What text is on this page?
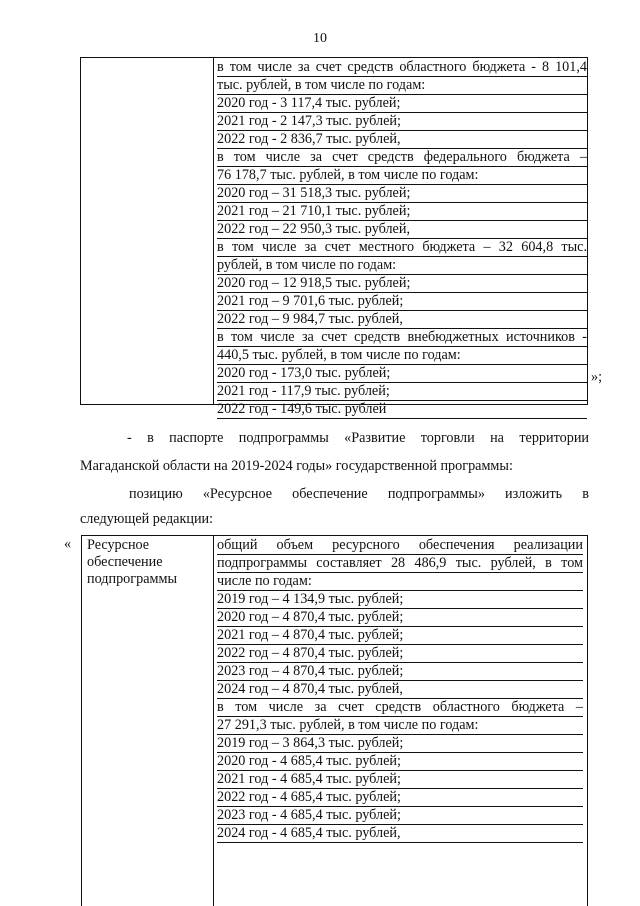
10
в том числе за счет средств областного бюджета - 8 101,4
тыс. рублей, в том числе по годам:
2020 год - 3 117,4 тыс. рублей;
2021 год - 2 147,3 тыс. рублей;
2022 год - 2 836,7 тыс. рублей,
в том числе за счет средств федерального бюджета –
76 178,7 тыс. рублей, в том числе по годам:
2020 год – 31 518,3 тыс. рублей;
2021 год – 21 710,1 тыс. рублей;
2022 год – 22 950,3 тыс. рублей,
в том числе за счет местного бюджета – 32 604,8 тыс.
рублей, в том числе по годам:
2020 год – 12 918,5 тыс. рублей;
2021 год – 9 701,6 тыс. рублей;
2022 год – 9 984,7 тыс. рублей,
в том числе за счет средств внебюджетных источников -
440,5 тыс. рублей, в том числе по годам:
2020 год - 173,0 тыс. рублей;
2021 год - 117,9 тыс. рублей;
2022 год - 149,6 тыс. рублей
»;
- в паспорте подпрограммы «Развитие торговли на территории
Магаданской области на 2019-2024 годы» государственной программы:
позицию «Ресурсное обеспечение подпрограммы» изложить в
следующей редакции:
« Ресурсное
обеспечение
подпрограммы
общий объем ресурсного обеспечения реализации
подпрограммы составляет 28 486,9 тыс. рублей, в том
числе по годам:
2019 год – 4 134,9 тыс. рублей;
2020 год – 4 870,4 тыс. рублей;
2021 год – 4 870,4 тыс. рублей;
2022 год – 4 870,4 тыс. рублей;
2023 год – 4 870,4 тыс. рублей;
2024 год – 4 870,4 тыс. рублей,
в том числе за счет средств областного бюджета –
27 291,3 тыс. рублей, в том числе по годам:
2019 год – 3 864,3 тыс. рублей;
2020 год - 4 685,4 тыс. рублей;
2021 год - 4 685,4 тыс. рублей;
2022 год - 4 685,4 тыс. рублей;
2023 год - 4 685,4 тыс. рублей;
2024 год - 4 685,4 тыс. рублей,
